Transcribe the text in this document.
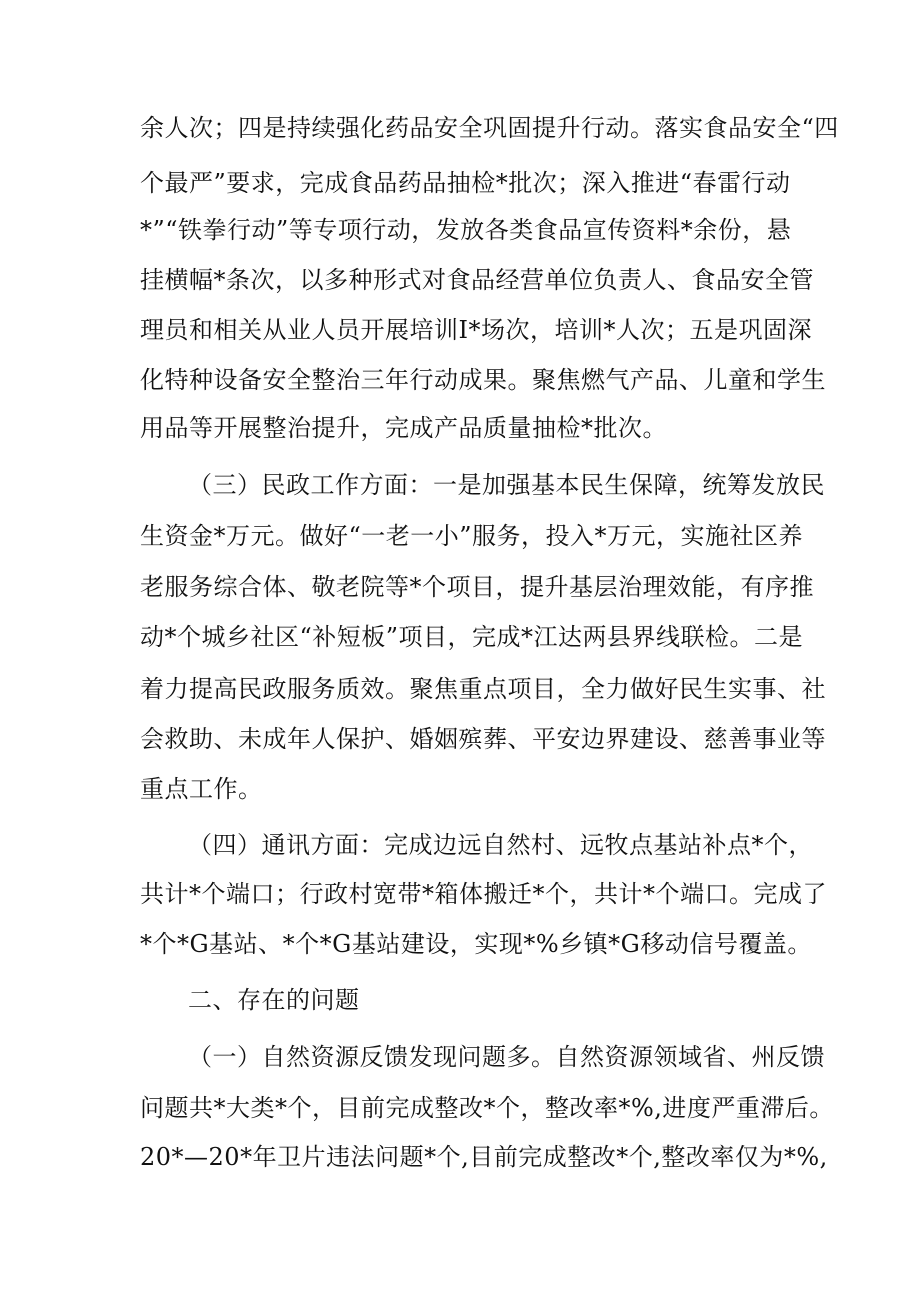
余人次；四是持续强化药品安全巩固提升行动。落实食品安全“四
个最严”要求，完成食品药品抽检*批次；深入推进“春雷行动
*”“铁拳行动”等专项行动，发放各类食品宣传资料*余份，悬
挂横幅*条次，以多种形式对食品经营单位负责人、食品安全管
理员和相关从业人员开展培训I*场次，培训*人次；五是巩固深
化特种设备安全整治三年行动成果。聚焦燃气产品、儿童和学生
用品等开展整治提升，完成产品质量抽检*批次。
（三）民政工作方面：一是加强基本民生保障，统筹发放民
生资金*万元。做好“一老一小”服务，投入*万元，实施社区养
老服务综合体、敬老院等*个项目，提升基层治理效能，有序推
动*个城乡社区“补短板”项目，完成*江达两县界线联检。二是
着力提高民政服务质效。聚焦重点项目，全力做好民生实事、社
会救助、未成年人保护、婚姻殡葬、平安边界建设、慈善事业等
重点工作。
（四）通讯方面：完成边远自然村、远牧点基站补点*个，
共计*个端口；行政村宽带*箱体搬迁*个，共计*个端口。完成了
*个*G基站、*个*G基站建设，实现*%乡镇*G移动信号覆盖。
二、存在的问题
（一）自然资源反馈发现问题多。自然资源领域省、州反馈
问题共*大类*个，目前完成整改*个，整改率*%,进度严重滞后。
20*—20*年卫片违法问题*个,目前完成整改*个,整改率仅为*%,
